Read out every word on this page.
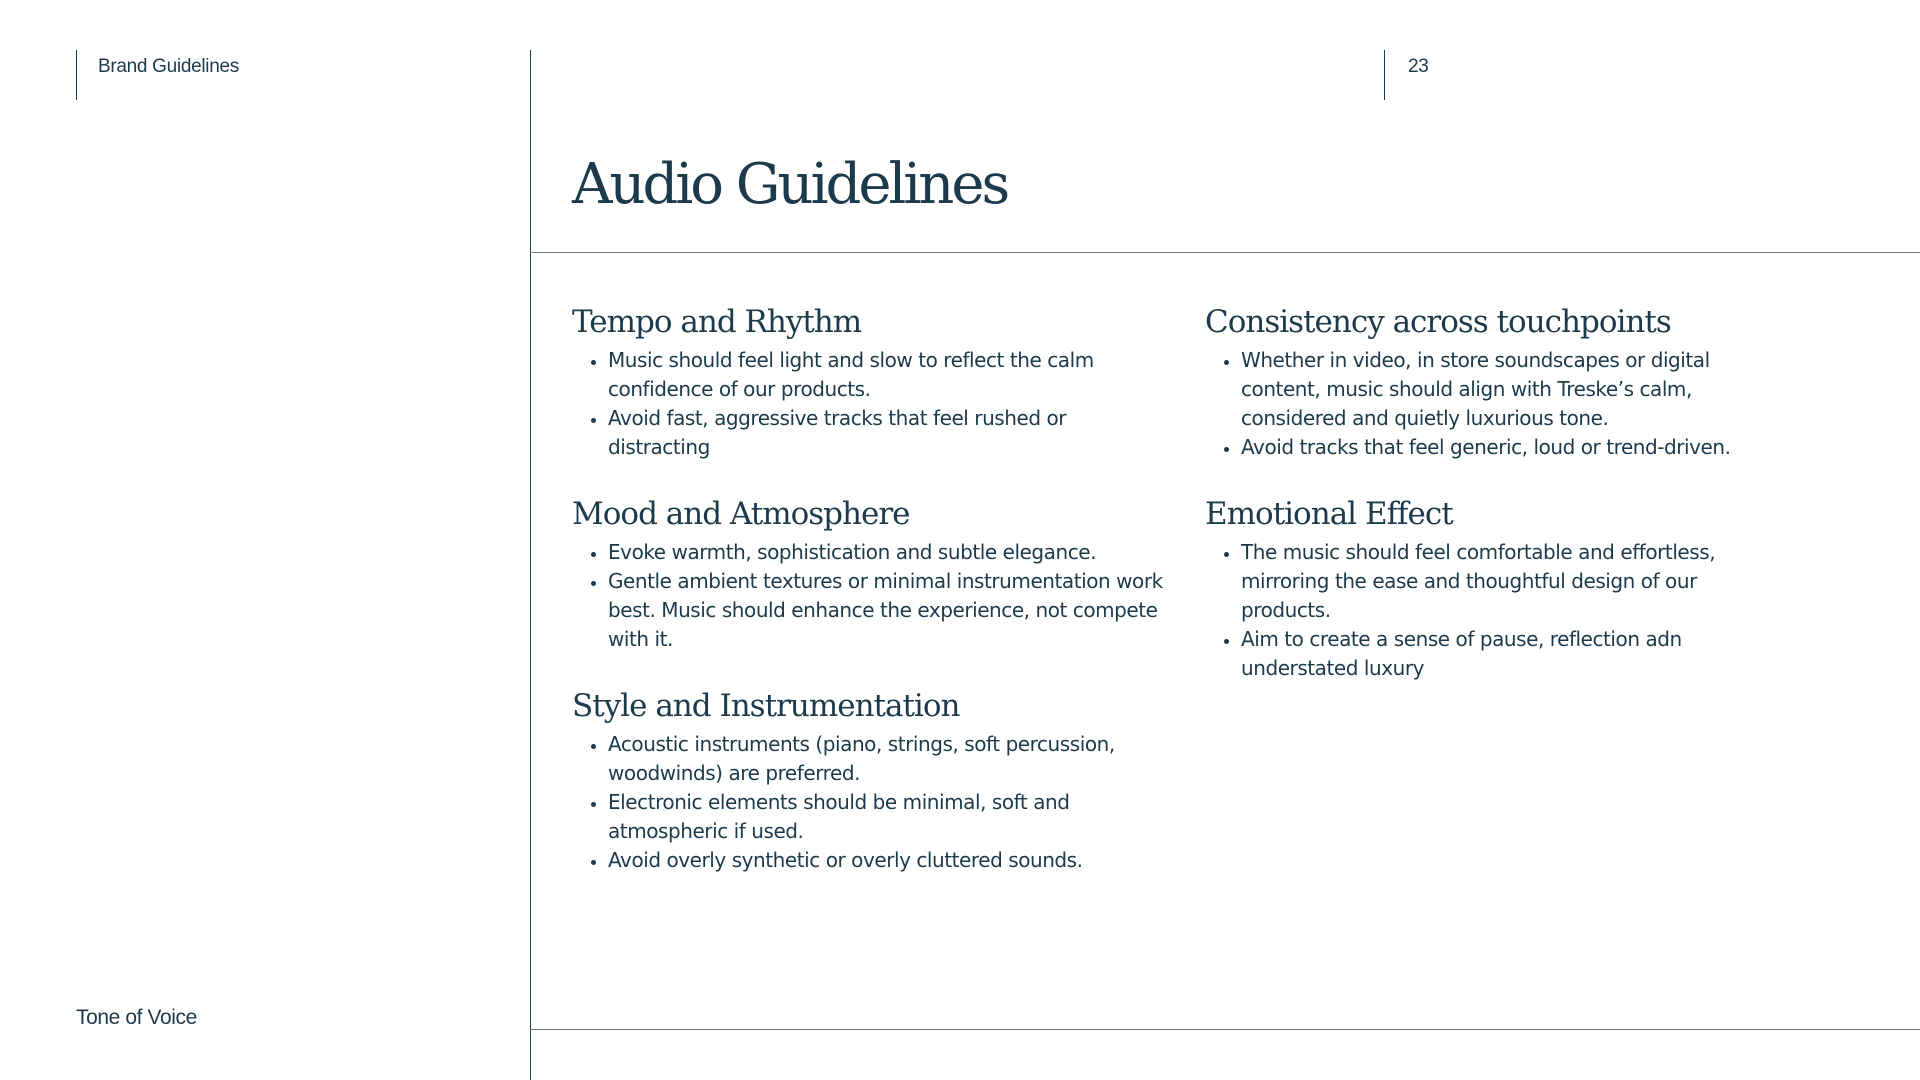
Brand Guidelines	23
Audio Guidelines
Tempo and Rhythm
• Music should feel light and slow to reflect the calm confidence of our products.
• Avoid fast, aggressive tracks that feel rushed or distracting
Mood and Atmosphere
• Evoke warmth, sophistication and subtle elegance.
• Gentle ambient textures or minimal instrumentation work best. Music should enhance the experience, not compete with it.
Style and Instrumentation
• Acoustic instruments (piano, strings, soft percussion, woodwinds) are preferred.
• Electronic elements should be minimal, soft and atmospheric if used.
• Avoid overly synthetic or overly cluttered sounds.
Consistency across touchpoints
• Whether in video, in store soundscapes or digital content, music should align with Treske’s calm, considered and quietly luxurious tone.
• Avoid tracks that feel generic, loud or trend-driven.
Emotional Effect
• The music should feel comfortable and effortless, mirroring the ease and thoughtful design of our products.
• Aim to create a sense of pause, reflection adn understated luxury
Tone of Voice
